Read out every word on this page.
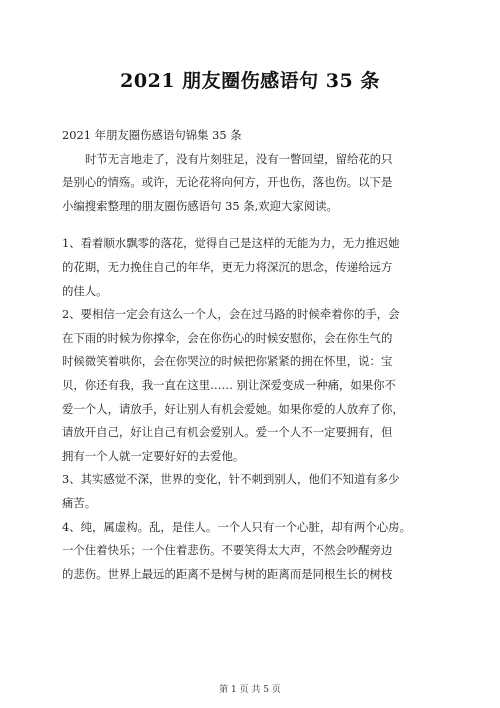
2021 朋友圈伤感语句 35 条
2021 年朋友圈伤感语句锦集 35 条
时节无言地走了，没有片刻驻足，没有一瞥回望，留给花的只
是别心的情殇。或许，无论花将向何方，开也伤，落也伤。以下是
小编搜索整理的朋友圈伤感语句 35 条,欢迎大家阅读。
1、看着顺水飘零的落花，觉得自己是这样的无能为力，无力推迟她
的花期，无力挽住自己的年华，更无力将深沉的思念，传递给远方
的佳人。
2、要相信一定会有这么一个人，会在过马路的时候牵着你的手，会
在下雨的时候为你撑伞，会在你伤心的时候安慰你，会在你生气的
时候微笑着哄你，会在你哭泣的时候把你紧紧的拥在怀里，说：宝
贝，你还有我，我一直在这里…… 别让深爱变成一种痛，如果你不
爱一个人，请放手，好让别人有机会爱她。如果你爱的人放弃了你，
请放开自己，好让自己有机会爱别人。爱一个人不一定要拥有，但
拥有一个人就一定要好好的去爱他。
3、其实感觉不深，世界的变化，针不刺到别人，他们不知道有多少
痛苦。
4、纯，属虚构。乱，是佳人。一个人只有一个心脏，却有两个心房。
一个住着快乐；一个住着悲伤。不要笑得太大声，不然会吵醒旁边
的悲伤。世界上最远的距离不是树与树的距离而是同根生长的树枝
第 1 页 共 5 页
